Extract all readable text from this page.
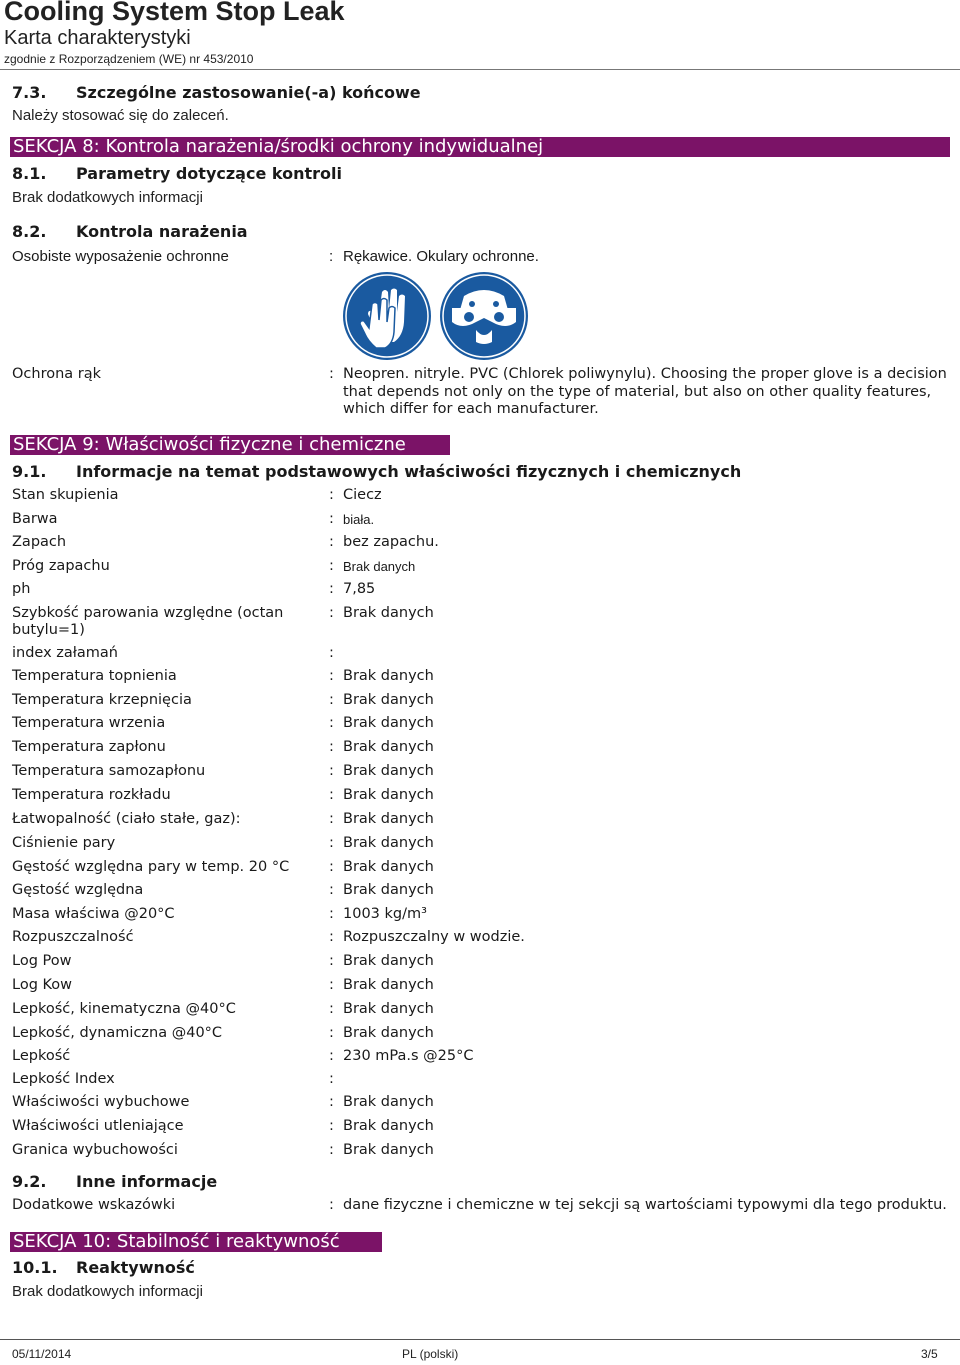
Cooling System Stop Leak
Karta charakterystyki
zgodnie z Rozporządzeniem (WE) nr 453/2010
7.3. Szczególne zastosowanie(-a) końcowe
Należy stosować się do zaleceń.
SEKCJA 8: Kontrola narażenia/środki ochrony indywidualnej
8.1. Parametry dotyczące kontroli
Brak dodatkowych informacji
8.2. Kontrola narażenia
Osobiste wyposażenie ochronne	: Rękawice. Okulary ochronne.
Ochrona rąk	: Neopren. nitryle. PVC (Chlorek poliwynylu). Choosing the proper glove is a decision that depends not only on the type of material, but also on other quality features, which differ for each manufacturer.
SEKCJA 9: Właściwości fizyczne i chemiczne
9.1. Informacje na temat podstawowych właściwości fizycznych i chemicznych
Stan skupienia	: Ciecz
Barwa	: biała.
Zapach	: bez zapachu.
Próg zapachu	: Brak danych
ph	: 7,85
Szybkość parowania względne (octan butylu=1)
: Brak danych
index załamań	:
Temperatura topnienia	: Brak danych
Temperatura krzepnięcia	: Brak danych
Temperatura wrzenia	: Brak danych
Temperatura zapłonu	: Brak danych
Temperatura samozapłonu	: Brak danych
Temperatura rozkładu	: Brak danych
Łatwopalność (ciało stałe, gaz):	: Brak danych
Ciśnienie pary	: Brak danych
Gęstość względna pary w temp. 20 °C	: Brak danych
Gęstość względna	: Brak danych
Masa właściwa @20°C	: 1003 kg/m³
Rozpuszczalność	: Rozpuszczalny w wodzie.
Log Pow	: Brak danych
Log Kow	: Brak danych
Lepkość, kinematyczna @40°C	: Brak danych
Lepkość, dynamiczna @40°C	: Brak danych
Lepkość	: 230 mPa.s @25°C
Lepkość Index	:
Właściwości wybuchowe	: Brak danych
Właściwości utleniające	: Brak danych
Granica wybuchowości	: Brak danych
9.2. Inne informacje
Dodatkowe wskazówki	: dane fizyczne i chemiczne w tej sekcji są wartościami typowymi dla tego produktu.
SEKCJA 10: Stabilność i reaktywność
10.1. Reaktywność
Brak dodatkowych informacji
05/11/2014	PL (polski)	3/5
